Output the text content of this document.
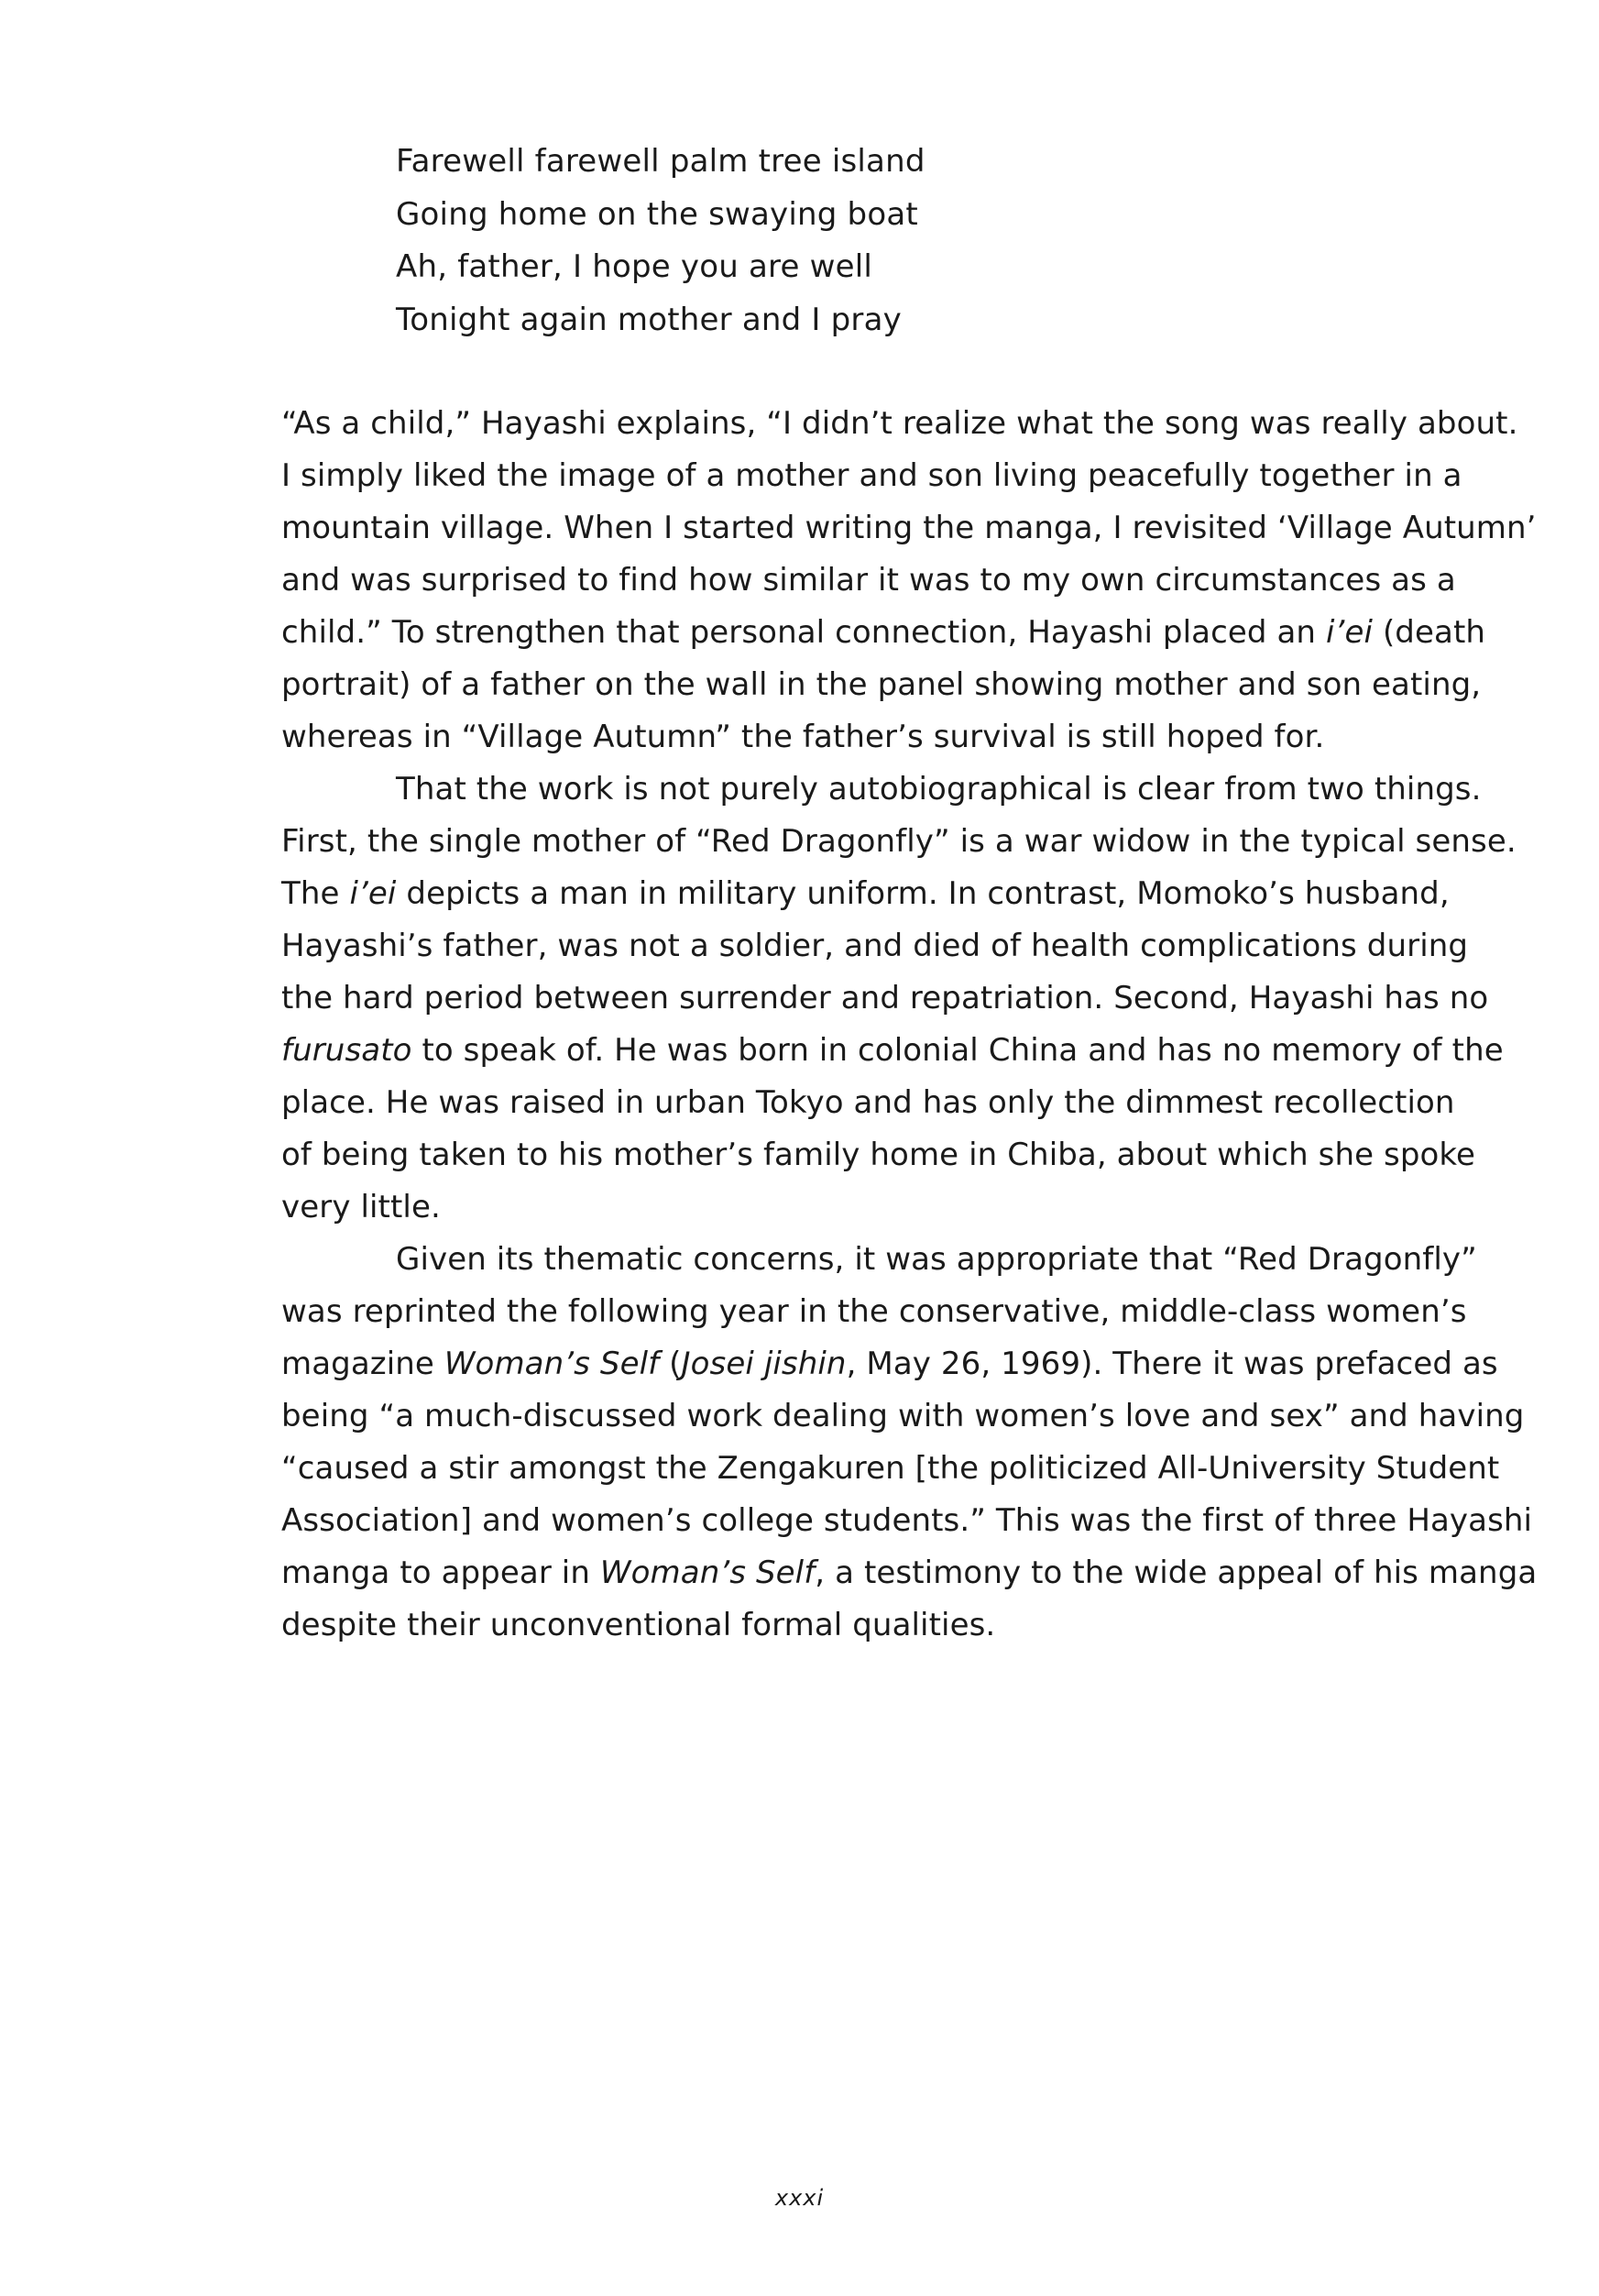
Farewell farewell palm tree island
Going home on the swaying boat
Ah, father, I hope you are well
Tonight again mother and I pray
“As a child,” Hayashi explains, “I didn’t realize what the song was really about.
I simply liked the image of a mother and son living peacefully together in a
mountain village. When I started writing the manga, I revisited ‘Village Autumn’
and was surprised to find how similar it was to my own circumstances as a
child.” To strengthen that personal connection, Hayashi placed an i’ei (death
portrait) of a father on the wall in the panel showing mother and son eating,
whereas in “Village Autumn” the father’s survival is still hoped for.
That the work is not purely autobiographical is clear from two things.
First, the single mother of “Red Dragonfly” is a war widow in the typical sense.
The i’ei depicts a man in military uniform. In contrast, Momoko’s husband,
Hayashi’s father, was not a soldier, and died of health complications during
the hard period between surrender and repatriation. Second, Hayashi has no
furusato to speak of. He was born in colonial China and has no memory of the
place. He was raised in urban Tokyo and has only the dimmest recollection
of being taken to his mother’s family home in Chiba, about which she spoke
very little.
Given its thematic concerns, it was appropriate that “Red Dragonfly”
was reprinted the following year in the conservative, middle-class women’s
magazine Woman’s Self (Josei jishin, May 26, 1969). There it was prefaced as
being “a much-discussed work dealing with women’s love and sex” and having
“caused a stir amongst the Zengakuren [the politicized All-University Student
Association] and women’s college students.” This was the first of three Hayashi
manga to appear in Woman’s Self, a testimony to the wide appeal of his manga
despite their unconventional formal qualities.
xxxi
